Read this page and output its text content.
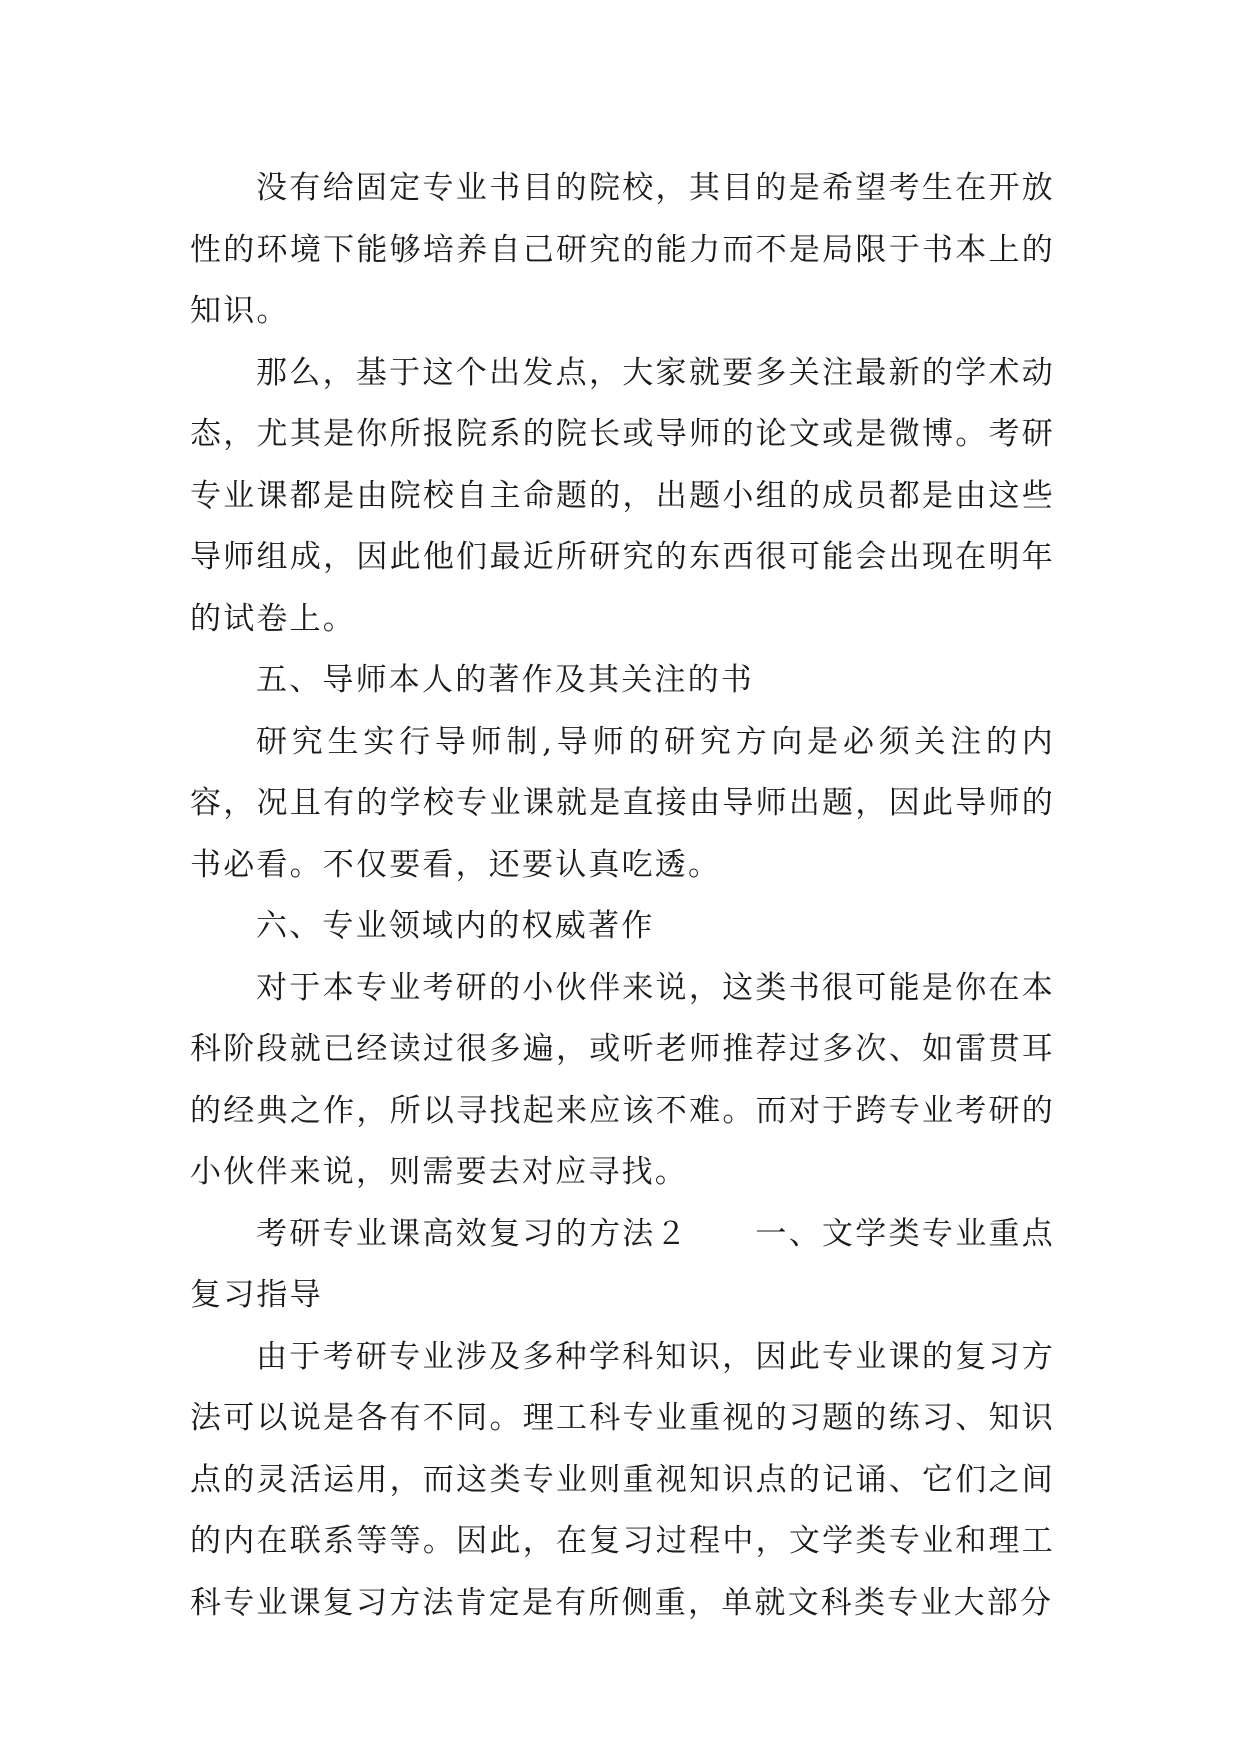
没有给固定专业书目的院校，其目的是希望考生在开放性的环境下能够培养自己研究的能力而不是局限于书本上的知识。

那么，基于这个出发点，大家就要多关注最新的学术动态，尤其是你所报院系的院长或导师的论文或是微博。考研专业课都是由院校自主命题的，出题小组的成员都是由这些导师组成，因此他们最近所研究的东西很可能会出现在明年的试卷上。

五、导师本人的著作及其关注的书

研究生实行导师制,导师的研究方向是必须关注的内容，况且有的学校专业课就是直接由导师出题，因此导师的书必看。不仅要看，还要认真吃透。

六、专业领域内的权威著作

对于本专业考研的小伙伴来说，这类书很可能是你在本科阶段就已经读过很多遍，或听老师推荐过多次、如雷贯耳的经典之作，所以寻找起来应该不难。而对于跨专业考研的小伙伴来说，则需要去对应寻找。

考研专业课高效复习的方法２　　一、文学类专业重点复习指导

由于考研专业涉及多种学科知识，因此专业课的复习方法可以说是各有不同。理工科专业重视的习题的练习、知识点的灵活运用，而这类专业则重视知识点的记诵、它们之间的内在联系等等。因此，在复习过程中，文学类专业和理工科专业课复习方法肯定是有所侧重，单就文科类专业大部分
